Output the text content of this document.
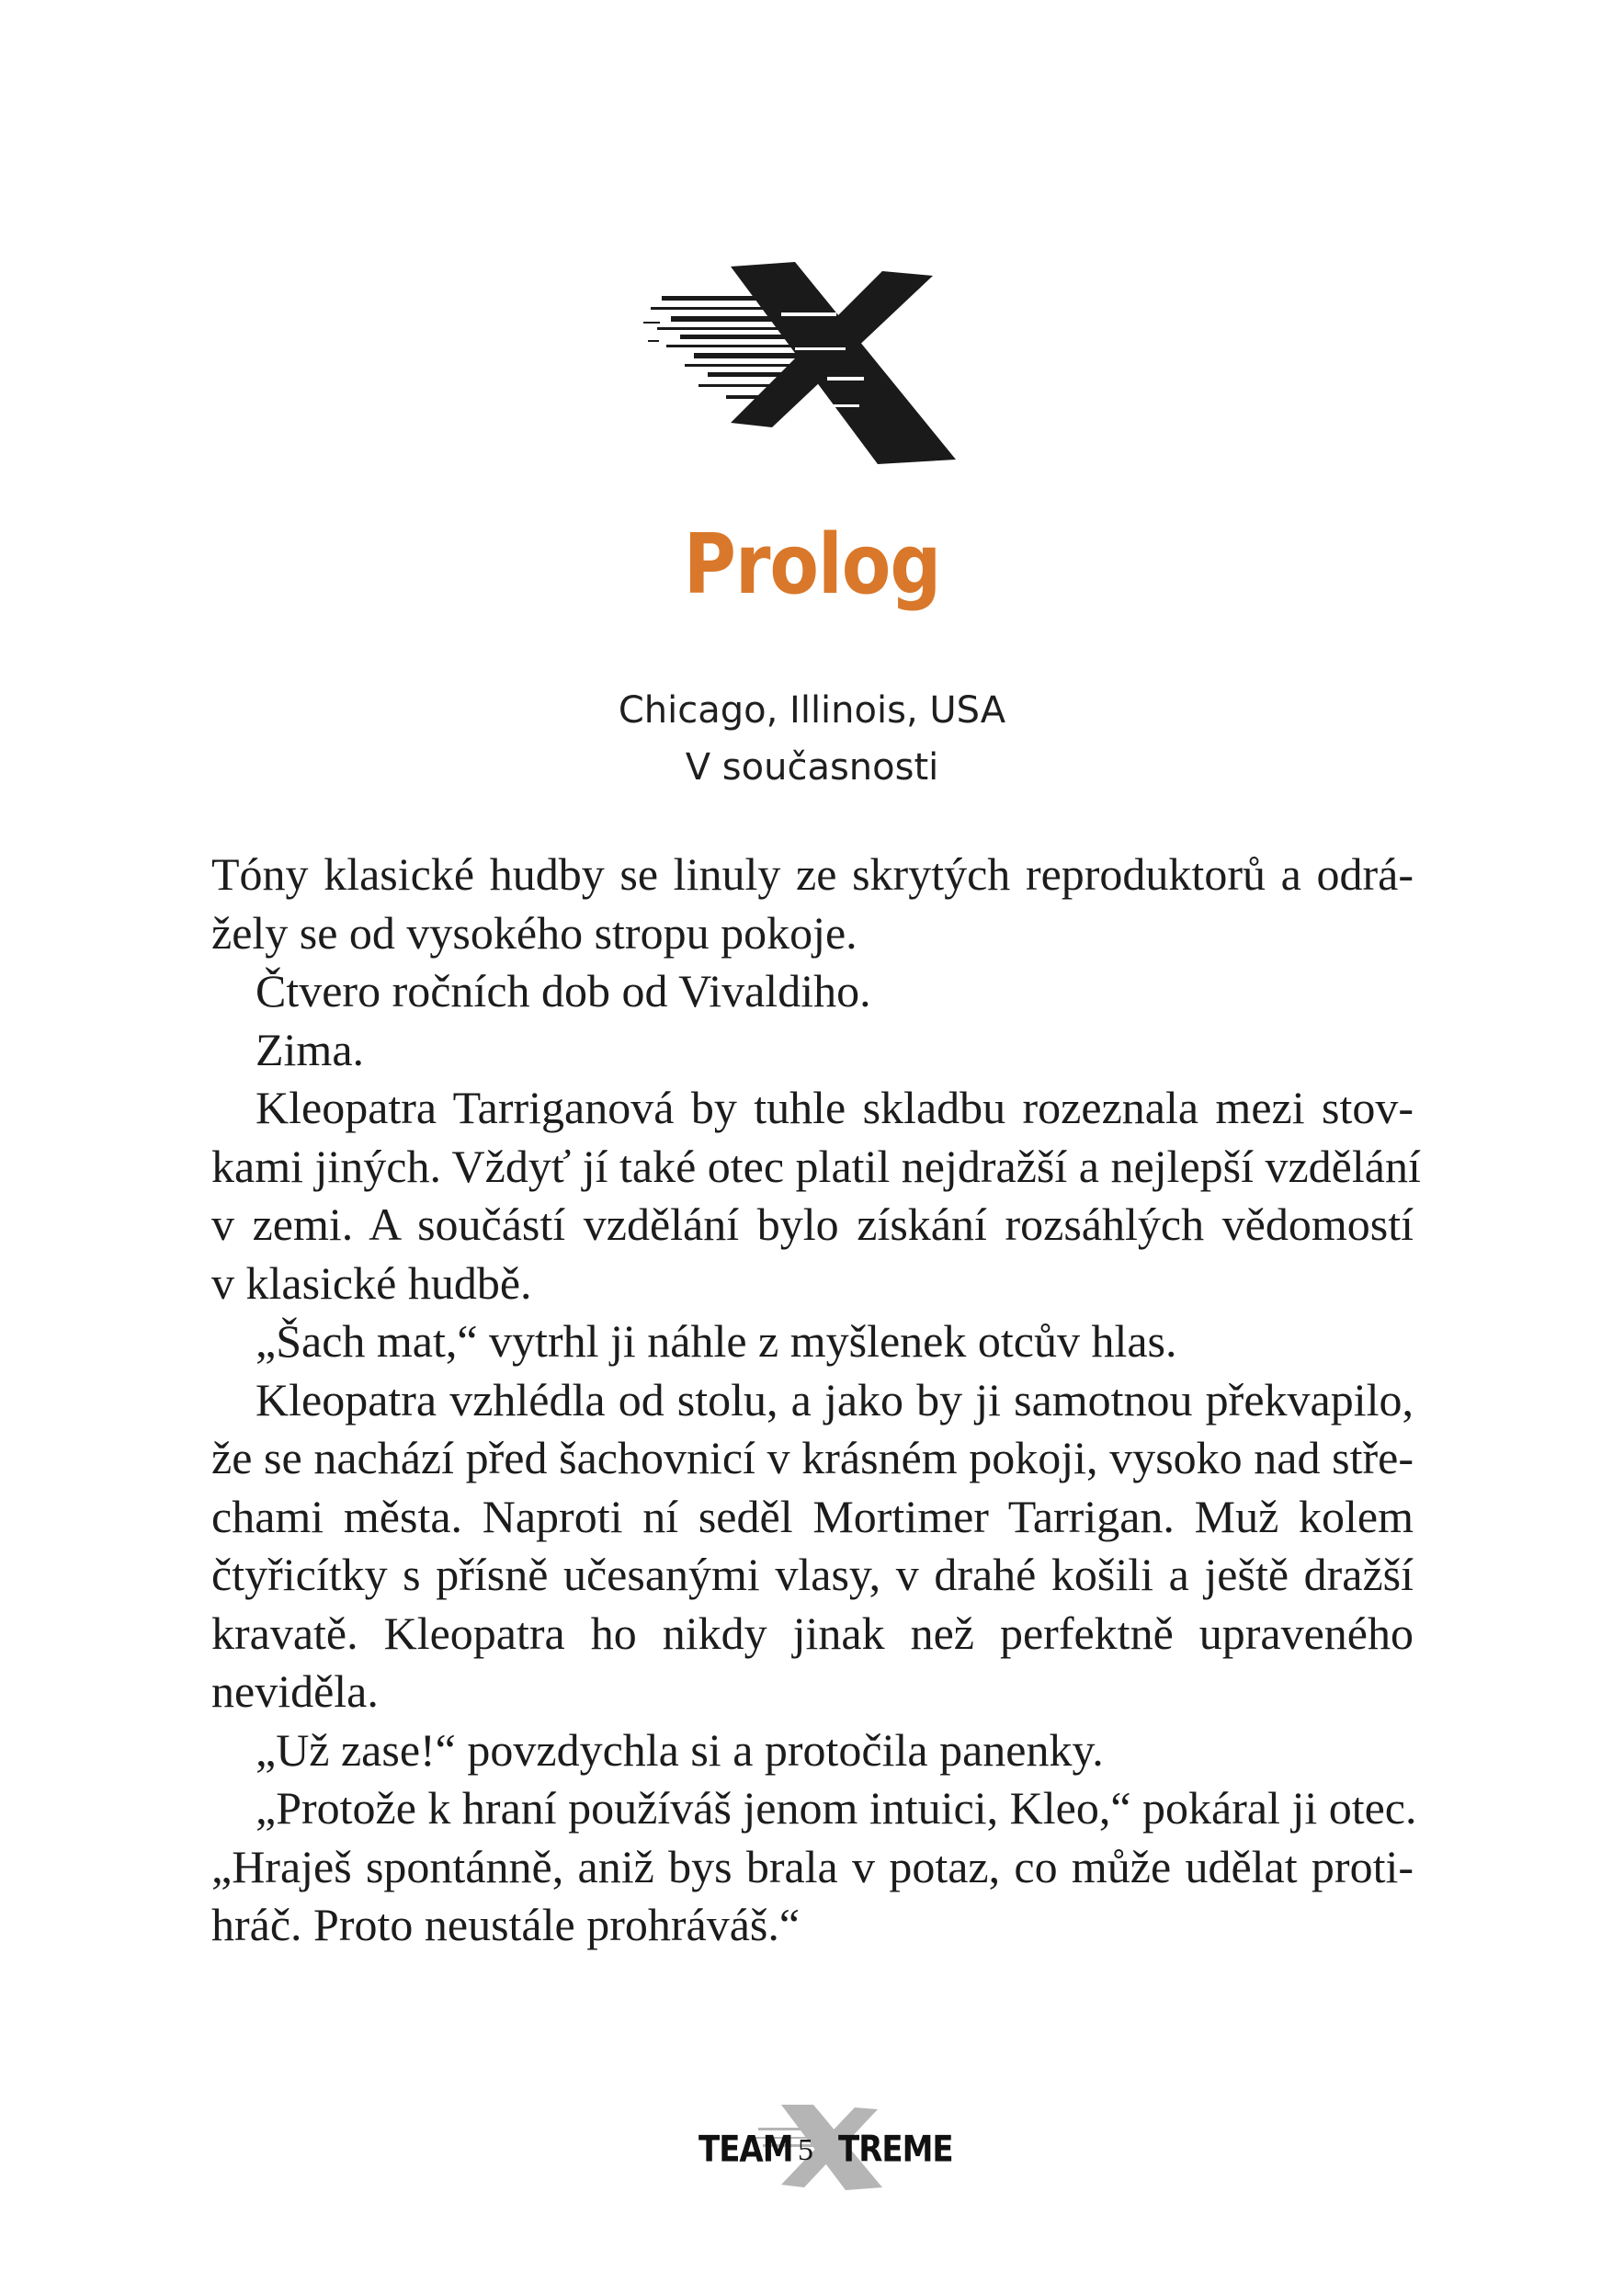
Prolog
Chicago, Illinois, USA
V současnosti
Tóny klasické hudby se linuly ze skrytých reproduktorů a odrá-
žely se od vysokého stropu pokoje.
Čtvero ročních dob od Vivaldiho.
Zima.
Kleopatra Tarriganová by tuhle skladbu rozeznala mezi stov-
kami jiných. Vždyť jí také otec platil nejdražší a nejlepší vzdělání
v zemi. A součástí vzdělání bylo získání rozsáhlých vědomostí
v klasické hudbě.
„Šach mat,“ vytrhl ji náhle z myšlenek otcův hlas.
Kleopatra vzhlédla od stolu, a jako by ji samotnou překvapilo,
že se nachází před šachovnicí v krásném pokoji, vysoko nad stře-
chami města. Naproti ní seděl Mortimer Tarrigan. Muž kolem
čtyřicítky s přísně učesanými vlasy, v drahé košili a ještě dražší
kravatě. Kleopatra ho nikdy jinak než perfektně upraveného
neviděla.
„Už zase!“ povzdychla si a protočila panenky.
„Protože k hraní používáš jenom intuici, Kleo,“ pokáral ji otec.
„Hraješ spontánně, aniž bys brala v potaz, co může udělat proti-
hráč. Proto neustále prohráváš.“
TEAM 5 TREME
